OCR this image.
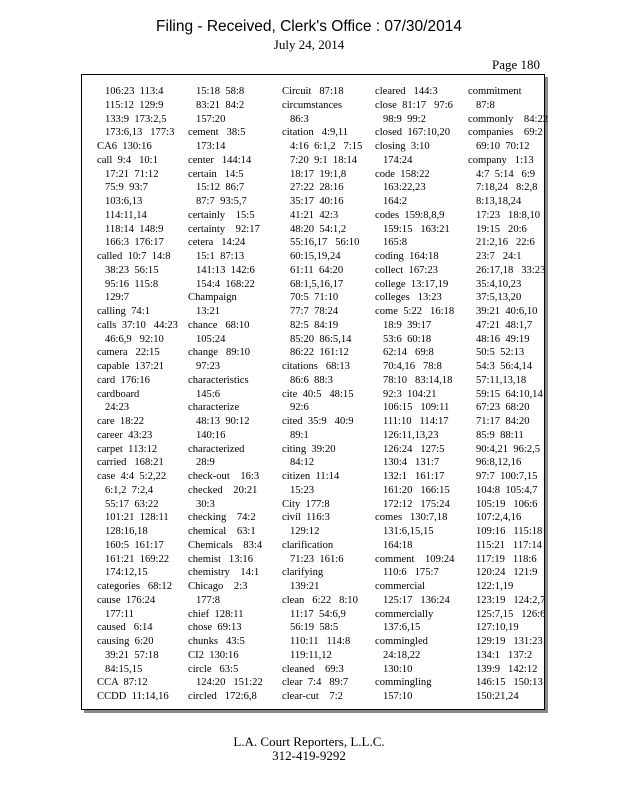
Filing - Received, Clerk's Office : 07/30/2014
July 24, 2014
Page 180
106:23  113:4
115:12  129:9
133:9  173:2,5
173:6,13   177:3
CA6  130:16
call  9:4   10:1
17:21  71:12
75:9  93:7
103:6,13
114:11,14
118:14  148:9
166:3  176:17
called  10:7  14:8
38:23  56:15
95:16  115:8
129:7
calling  74:1
calls  37:10   44:23
46:6,9   92:10
camera   22:15
capable  137:21
card  176:16
cardboard
24:23
care  18:22
career  43:23
carpet  113:12
carried   168:21
case  4:4  5:2,22
6:1,2  7:2,4
55:17  63:22
101:21  128:11
128:16,18
160:5  161:17
161:21  169:22
174:12,15
categories   68:12
cause  176:24
177:11
caused   6:14
causing  6:20
39:21  57:18
84:15,15
CCA  87:12
CCDD  11:14,16
15:18  58:8
83:21  84:2
157:20
cement   38:5
173:14
center   144:14
certain   14:5
15:12  86:7
87:7  93:5,7
certainly    15:5
certainty    92:17
cetera   14:24
15:1  87:13
141:13  142:6
154:4  168:22
Champaign
13:21
chance   68:10
105:24
change   89:10
97:23
characteristics
145:6
characterize
48:13  90:12
140:16
characterized
28:9
check-out    16:3
checked    20:21
30:3
checking    74:2
chemical    63:1
Chemicals    83:4
chemist   13:16
chemistry    14:1
Chicago    2:3
177:8
chief  128:11
chose  69:13
chunks   43:5
CI2  130:16
circle   63:5
124:20   151:22
circled   172:6,8
Circuit   87:18
circumstances
86:3
citation   4:9,11
4:16  6:1,2   7:15
7:20  9:1  18:14
18:17  19:1,8
27:22  28:16
35:17  40:16
41:21  42:3
48:20  54:1,2
55:16,17   56:10
60:15,19,24
61:11  64:20
68:1,5,16,17
70:5  71:10
77:7  78:24
82:5  84:19
85:20  86:5,14
86:22  161:12
citations   68:13
86:6  88:3
cite  40:5   48:15
92:6
cited  35:9   40:9
89:1
citing  39:20
84:12
citizen  11:14
15:23
City  177:8
civil  116:3
129:12
clarification
71:23  161:6
clarifying
139:21
clean   6:22   8:10
11:17  54:6,9
56:19  58:5
110:11   114:8
119:11,12
cleaned    69:3
clear  7:4   89:7
clear-cut    7:2
cleared   144:3
close  81:17   97:6
98:9  99:2
closed  167:10,20
closing  3:10
174:24
code  158:22
163:22,23
164:2
codes  159:8,8,9
159:15   163:21
165:8
coding  164:18
collect  167:23
college  13:17,19
colleges   13:23
come  5:22   16:18
18:9  39:17
53:6  60:18
62:14   69:8
70:4,16   78:8
78:10   83:14,18
92:3  104:21
106:15   109:11
111:10   114:17
126:11,13,23
126:24   127:5
130:4   131:7
132:1   161:17
161:20   166:15
172:12   175:24
comes   130:7,18
131:6,15,15
164:18
comment    109:24
110:6   175:7
commercial
125:17   136:24
commercially
137:6,15
commingled
24:18,22
130:10
commingling
157:10
commitment
87:8
commonly    84:22
companies    69:2
69:10  70:12
company   1:13
4:7  5:14   6:9
7:18,24   8:2,8
8:13,18,24
17:23   18:8,10
19:15   20:6
21:2,16   22:6
23:7   24:1
26:17,18   33:23
35:4,10,23
37:5,13,20
39:21  40:6,10
47:21  48:1,7
48:16  49:19
50:5  52:13
54:3  56:4,14
57:11,13,18
59:15  64:10,14
67:23  68:20
71:17  84:20
85:9  88:11
90:4,21  96:2,5
96:8,12,16
97:7  100:7,15
104:8  105:4,7
105:19   106:6
107:2,4,16
109:16   115:18
115:21   117:14
117:19   118:6
120:24   121:9
122:1,19
123:19   124:2,7
125:7,15   126:6
127:10,19
129:19   131:23
134:1   137:2
139:9   142:12
146:15   150:13
150:21,24
L.A. Court Reporters, L.L.C.
312-419-9292
